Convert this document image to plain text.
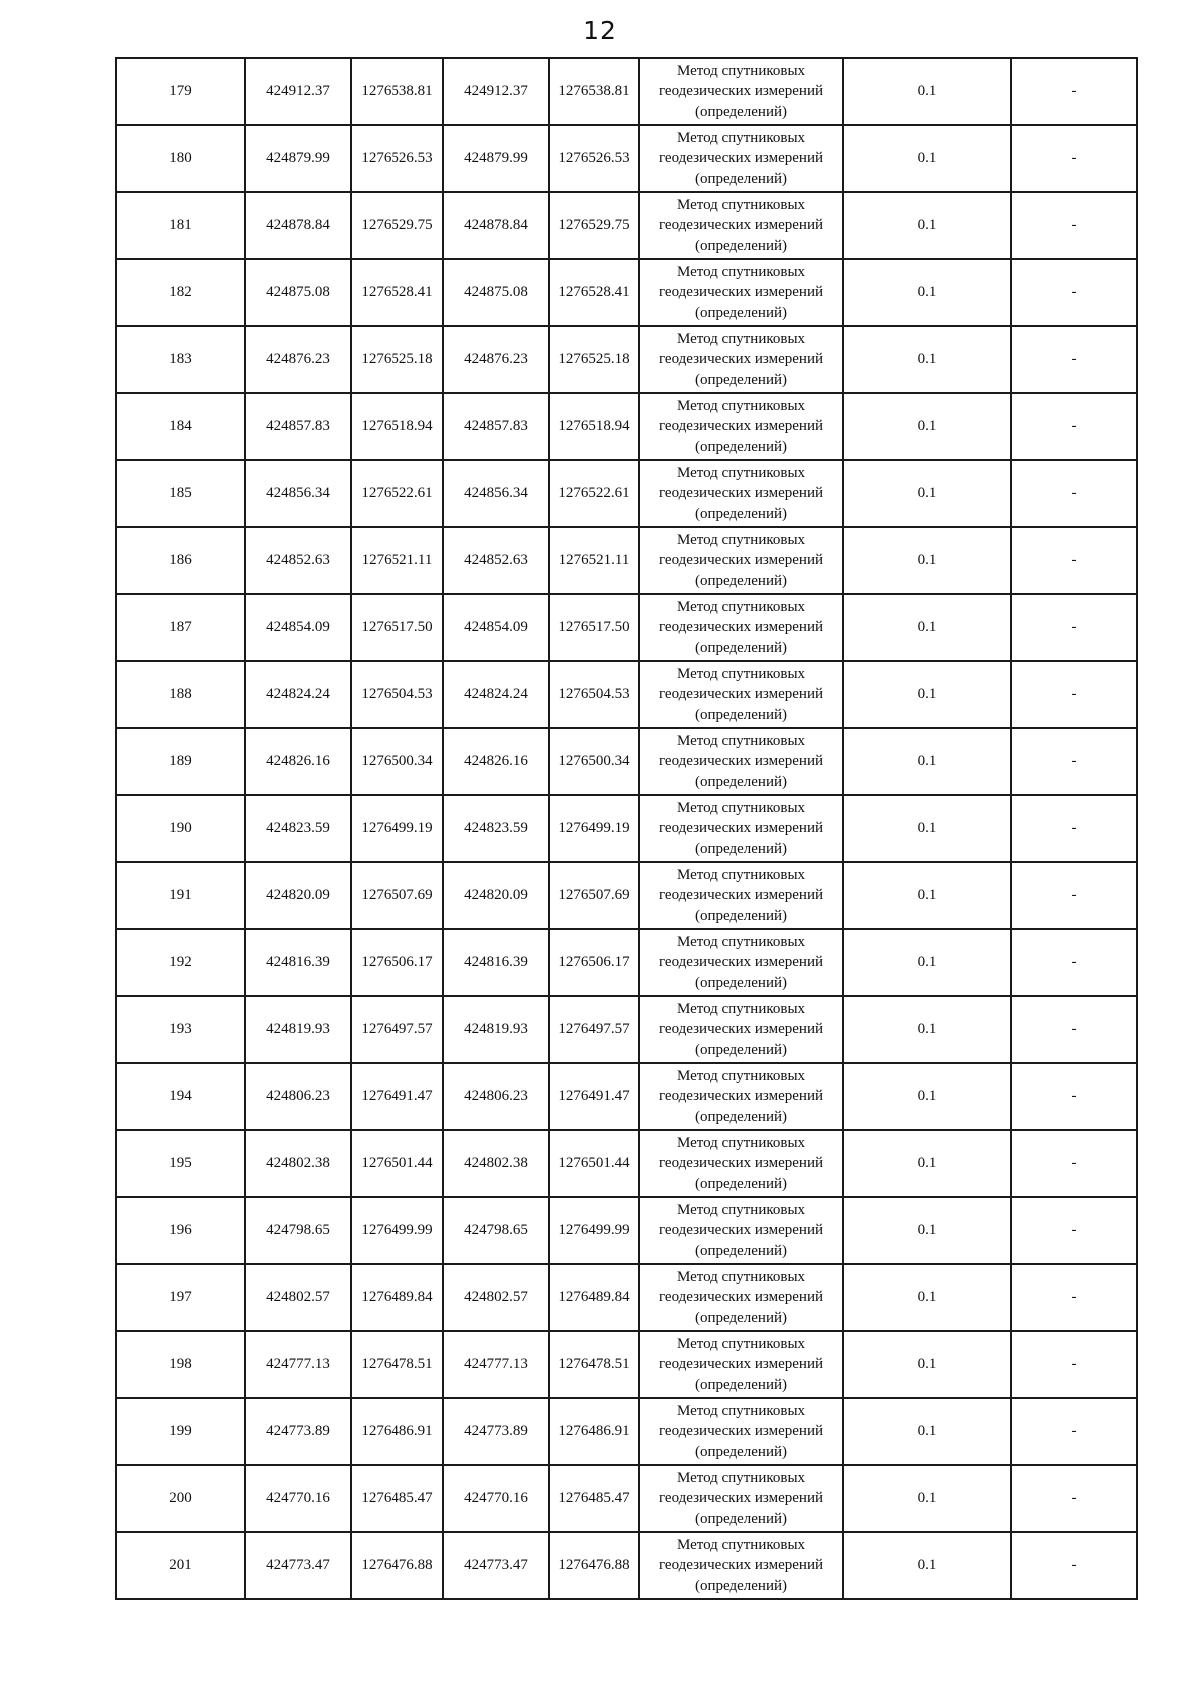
12
179	424912.37	1276538.81	424912.37	1276538.81	Метод спутниковых
геодезических измерений
(определений)	0.1	-
180	424879.99	1276526.53	424879.99	1276526.53	Метод спутниковых
геодезических измерений
(определений)	0.1	-
181	424878.84	1276529.75	424878.84	1276529.75	Метод спутниковых
геодезических измерений
(определений)	0.1	-
182	424875.08	1276528.41	424875.08	1276528.41	Метод спутниковых
геодезических измерений
(определений)	0.1	-
183	424876.23	1276525.18	424876.23	1276525.18	Метод спутниковых
геодезических измерений
(определений)	0.1	-
184	424857.83	1276518.94	424857.83	1276518.94	Метод спутниковых
геодезических измерений
(определений)	0.1	-
185	424856.34	1276522.61	424856.34	1276522.61	Метод спутниковых
геодезических измерений
(определений)	0.1	-
186	424852.63	1276521.11	424852.63	1276521.11	Метод спутниковых
геодезических измерений
(определений)	0.1	-
187	424854.09	1276517.50	424854.09	1276517.50	Метод спутниковых
геодезических измерений
(определений)	0.1	-
188	424824.24	1276504.53	424824.24	1276504.53	Метод спутниковых
геодезических измерений
(определений)	0.1	-
189	424826.16	1276500.34	424826.16	1276500.34	Метод спутниковых
геодезических измерений
(определений)	0.1	-
190	424823.59	1276499.19	424823.59	1276499.19	Метод спутниковых
геодезических измерений
(определений)	0.1	-
191	424820.09	1276507.69	424820.09	1276507.69	Метод спутниковых
геодезических измерений
(определений)	0.1	-
192	424816.39	1276506.17	424816.39	1276506.17	Метод спутниковых
геодезических измерений
(определений)	0.1	-
193	424819.93	1276497.57	424819.93	1276497.57	Метод спутниковых
геодезических измерений
(определений)	0.1	-
194	424806.23	1276491.47	424806.23	1276491.47	Метод спутниковых
геодезических измерений
(определений)	0.1	-
195	424802.38	1276501.44	424802.38	1276501.44	Метод спутниковых
геодезических измерений
(определений)	0.1	-
196	424798.65	1276499.99	424798.65	1276499.99	Метод спутниковых
геодезических измерений
(определений)	0.1	-
197	424802.57	1276489.84	424802.57	1276489.84	Метод спутниковых
геодезических измерений
(определений)	0.1	-
198	424777.13	1276478.51	424777.13	1276478.51	Метод спутниковых
геодезических измерений
(определений)	0.1	-
199	424773.89	1276486.91	424773.89	1276486.91	Метод спутниковых
геодезических измерений
(определений)	0.1	-
200	424770.16	1276485.47	424770.16	1276485.47	Метод спутниковых
геодезических измерений
(определений)	0.1	-
201	424773.47	1276476.88	424773.47	1276476.88	Метод спутниковых
геодезических измерений
(определений)	0.1	-
